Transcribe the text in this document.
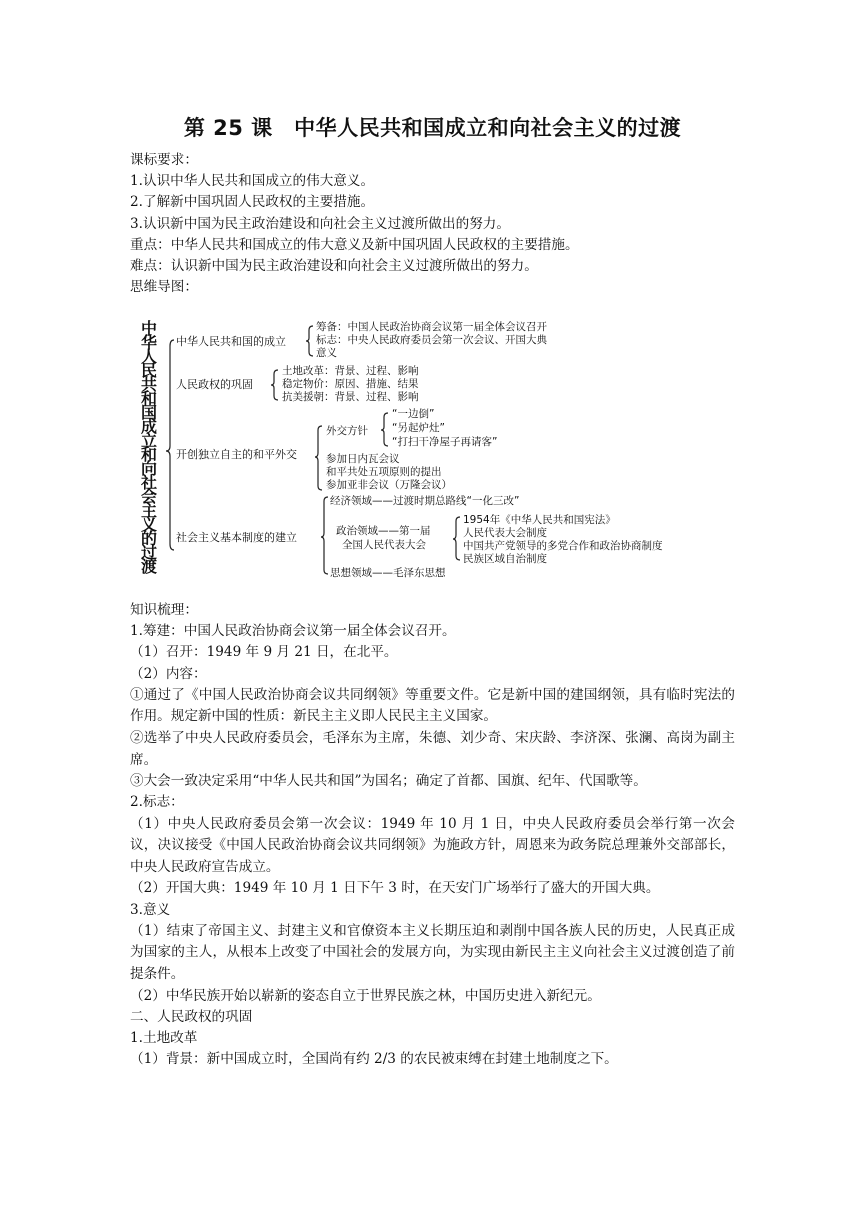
第 25 课　中华人民共和国成立和向社会主义的过渡
课标要求：
1.认识中华人民共和国成立的伟大意义。
2.了解新中国巩固人民政权的主要措施。
3.认识新中国为民主政治建设和向社会主义过渡所做出的努力。
重点：中华人民共和国成立的伟大意义及新中国巩固人民政权的主要措施。
难点：认识新中国为民主政治建设和向社会主义过渡所做出的努力。
思维导图：
中华人民共和国成立和向社会主义的过渡
中华人民共和国的成立
筹备：中国人民政治协商会议第一届全体会议召开
标志：中央人民政府委员会第一次会议、开国大典
意义
人民政权的巩固
土地改革：背景、过程、影响
稳定物价：原因、措施、结果
抗美援朝：背景、过程、影响
开创独立自主的和平外交
外交方针
“一边倒”
“另起炉灶”
“打扫干净屋子再请客”
参加日内瓦会议
和平共处五项原则的提出
参加亚非会议（万隆会议）
社会主义基本制度的建立
经济领域——过渡时期总路线“一化三改”
政治领域——第一届
全国人民代表大会
1954年《中华人民共和国宪法》
人民代表大会制度
中国共产党领导的多党合作和政治协商制度
民族区域自治制度
思想领域——毛泽东思想
知识梳理：
1.筹建：中国人民政治协商会议第一届全体会议召开。
（1）召开：1949 年 9 月 21 日，在北平。
（2）内容：
①通过了《中国人民政治协商会议共同纲领》等重要文件。它是新中国的建国纲领，具有临时宪法的作用。规定新中国的性质：新民主主义即人民民主主义国家。
②选举了中央人民政府委员会，毛泽东为主席，朱德、刘少奇、宋庆龄、李济深、张澜、高岗为副主席。
③大会一致决定采用“中华人民共和国”为国名；确定了首都、国旗、纪年、代国歌等。
2.标志：
（1）中央人民政府委员会第一次会议：1949 年 10 月 1 日，中央人民政府委员会举行第一次会议，决议接受《中国人民政治协商会议共同纲领》为施政方针，周恩来为政务院总理兼外交部部长，中央人民政府宣告成立。
（2）开国大典：1949 年 10 月 1 日下午 3 时，在天安门广场举行了盛大的开国大典。
3.意义
（1）结束了帝国主义、封建主义和官僚资本主义长期压迫和剥削中国各族人民的历史，人民真正成为国家的主人，从根本上改变了中国社会的发展方向，为实现由新民主主义向社会主义过渡创造了前提条件。
（2）中华民族开始以崭新的姿态自立于世界民族之林，中国历史进入新纪元。
二、人民政权的巩固
1.土地改革
（1）背景：新中国成立时，全国尚有约 2/3 的农民被束缚在封建土地制度之下。
